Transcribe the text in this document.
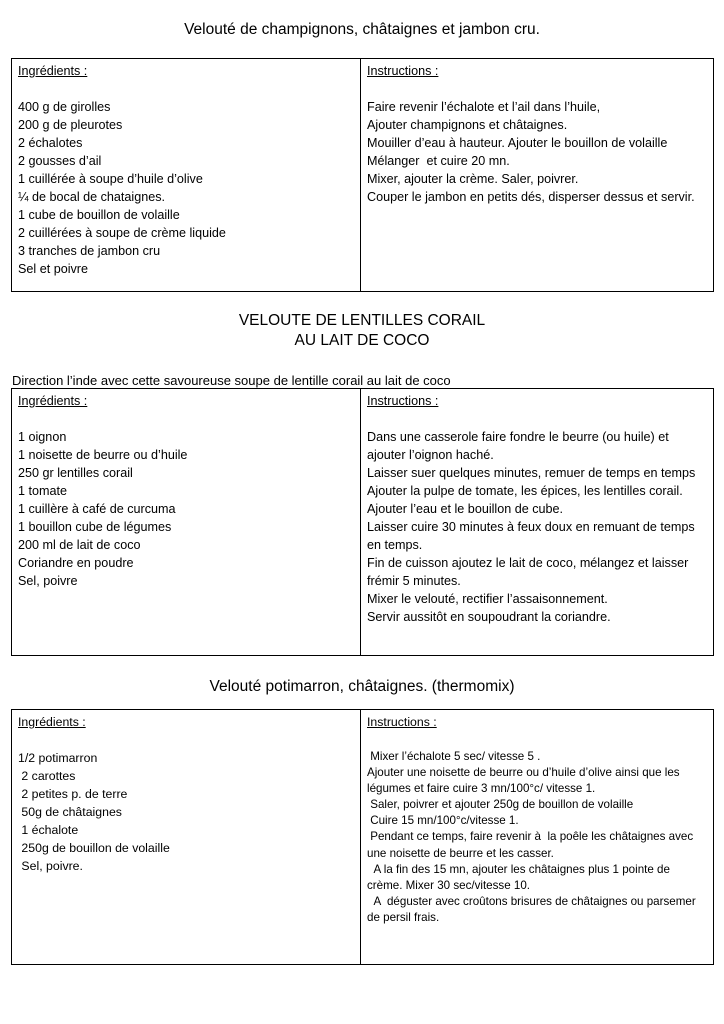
Velouté de champignons, châtaignes et jambon cru.
Ingrédients :
400 g de girolles
200 g de pleurotes
2 échalotes
2 gousses d’ail
1 cuillérée à soupe d’huile d’olive
¼ de bocal de chataignes.
1 cube de bouillon de volaille
2 cuillérées à soupe de crème liquide
3 tranches de jambon cru
Sel et poivre

Instructions :
Faire revenir l’échalote et l’ail dans l’huile,
Ajouter champignons et châtaignes.
Mouiller d’eau à hauteur. Ajouter le bouillon de volaille
Mélanger  et cuire 20 mn.
Mixer, ajouter la crème. Saler, poivrer.
Couper le jambon en petits dés, disperser dessus et servir.
VELOUTE DE LENTILLES CORAIL
AU LAIT DE COCO

Direction l’inde avec cette savoureuse soupe de lentille corail au lait de coco

Ingrédients :
1 oignon
1 noisette de beurre ou d’huile
250 gr lentilles corail
1 tomate
1 cuillère à café de curcuma
1 bouillon cube de légumes
200 ml de lait de coco
Coriandre en poudre
Sel, poivre

Instructions :
Dans une casserole faire fondre le beurre (ou huile) et ajouter l’oignon haché.
Laisser suer quelques minutes, remuer de temps en temps
Ajouter la pulpe de tomate, les épices, les lentilles corail. Ajouter l’eau et le bouillon de cube.
Laisser cuire 30 minutes à feux doux en remuant de temps en temps.
Fin de cuisson ajoutez le lait de coco, mélangez et laisser frémir 5 minutes.
Mixer le velouté, rectifier l’assaisonnement.
Servir aussitôt en soupoudrant la coriandre.
Velouté potimarron, châtaignes. (thermomix)
Ingrédients :
1/2 potimarron
2 carottes
2 petites p. de terre
50g de châtaignes
1 échalote
250g de bouillon de volaille
Sel, poivre.

Instructions :
Mixer l’échalote 5 sec/ vitesse 5 .
Ajouter une noisette de beurre ou d’huile d’olive ainsi que les légumes et faire cuire 3 mn/100°c/ vitesse 1.
Saler, poivrer et ajouter 250g de bouillon de volaille
Cuire 15 mn/100°c/vitesse 1.
Pendant ce temps, faire revenir à  la poêle les châtaignes avec une noisette de beurre et les casser.
A la fin des 15 mn, ajouter les châtaignes plus 1 pointe de crème. Mixer 30 sec/vitesse 10.
A  déguster avec croûtons brisures de châtaignes ou parsemer de persil frais.
